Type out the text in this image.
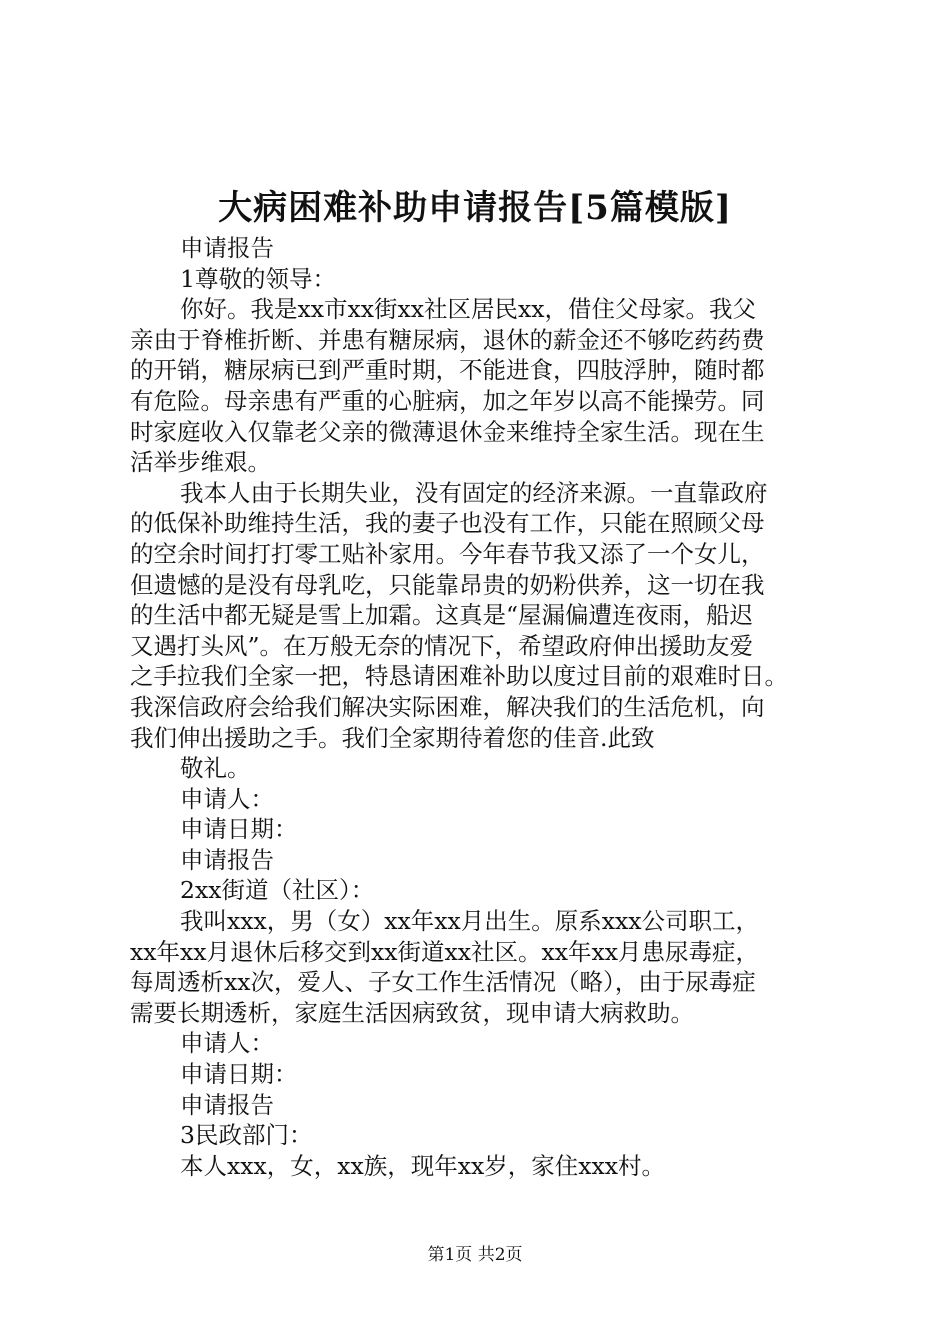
大病困难补助申请报告[5篇模版]
申请报告
1尊敬的领导：
你好。我是xx市xx街xx社区居民xx，借住父母家。我父
亲由于脊椎折断、并患有糖尿病，退休的薪金还不够吃药药费
的开销，糖尿病已到严重时期，不能进食，四肢浮肿，随时都
有危险。母亲患有严重的心脏病，加之年岁以高不能操劳。同
时家庭收入仅靠老父亲的微薄退休金来维持全家生活。现在生
活举步维艰。
我本人由于长期失业，没有固定的经济来源。一直靠政府
的低保补助维持生活，我的妻子也没有工作，只能在照顾父母
的空余时间打打零工贴补家用。今年春节我又添了一个女儿，
但遗憾的是没有母乳吃，只能靠昂贵的奶粉供养，这一切在我
的生活中都无疑是雪上加霜。这真是“屋漏偏遭连夜雨，船迟
又遇打头风”。在万般无奈的情况下，希望政府伸出援助友爱
之手拉我们全家一把，特恳请困难补助以度过目前的艰难时日。
我深信政府会给我们解决实际困难，解决我们的生活危机，向
我们伸出援助之手。我们全家期待着您的佳音.此致
敬礼。
申请人：
申请日期：
申请报告
2xx街道（社区）：
我叫xxx，男（女）xx年xx月出生。原系xxx公司职工，
xx年xx月退休后移交到xx街道xx社区。xx年xx月患尿毒症，
每周透析xx次，爱人、子女工作生活情况（略），由于尿毒症
需要长期透析，家庭生活因病致贫，现申请大病救助。
申请人：
申请日期：
申请报告
3民政部门：
本人xxx，女，xx族，现年xx岁，家住xxx村。
第1页 共2页
